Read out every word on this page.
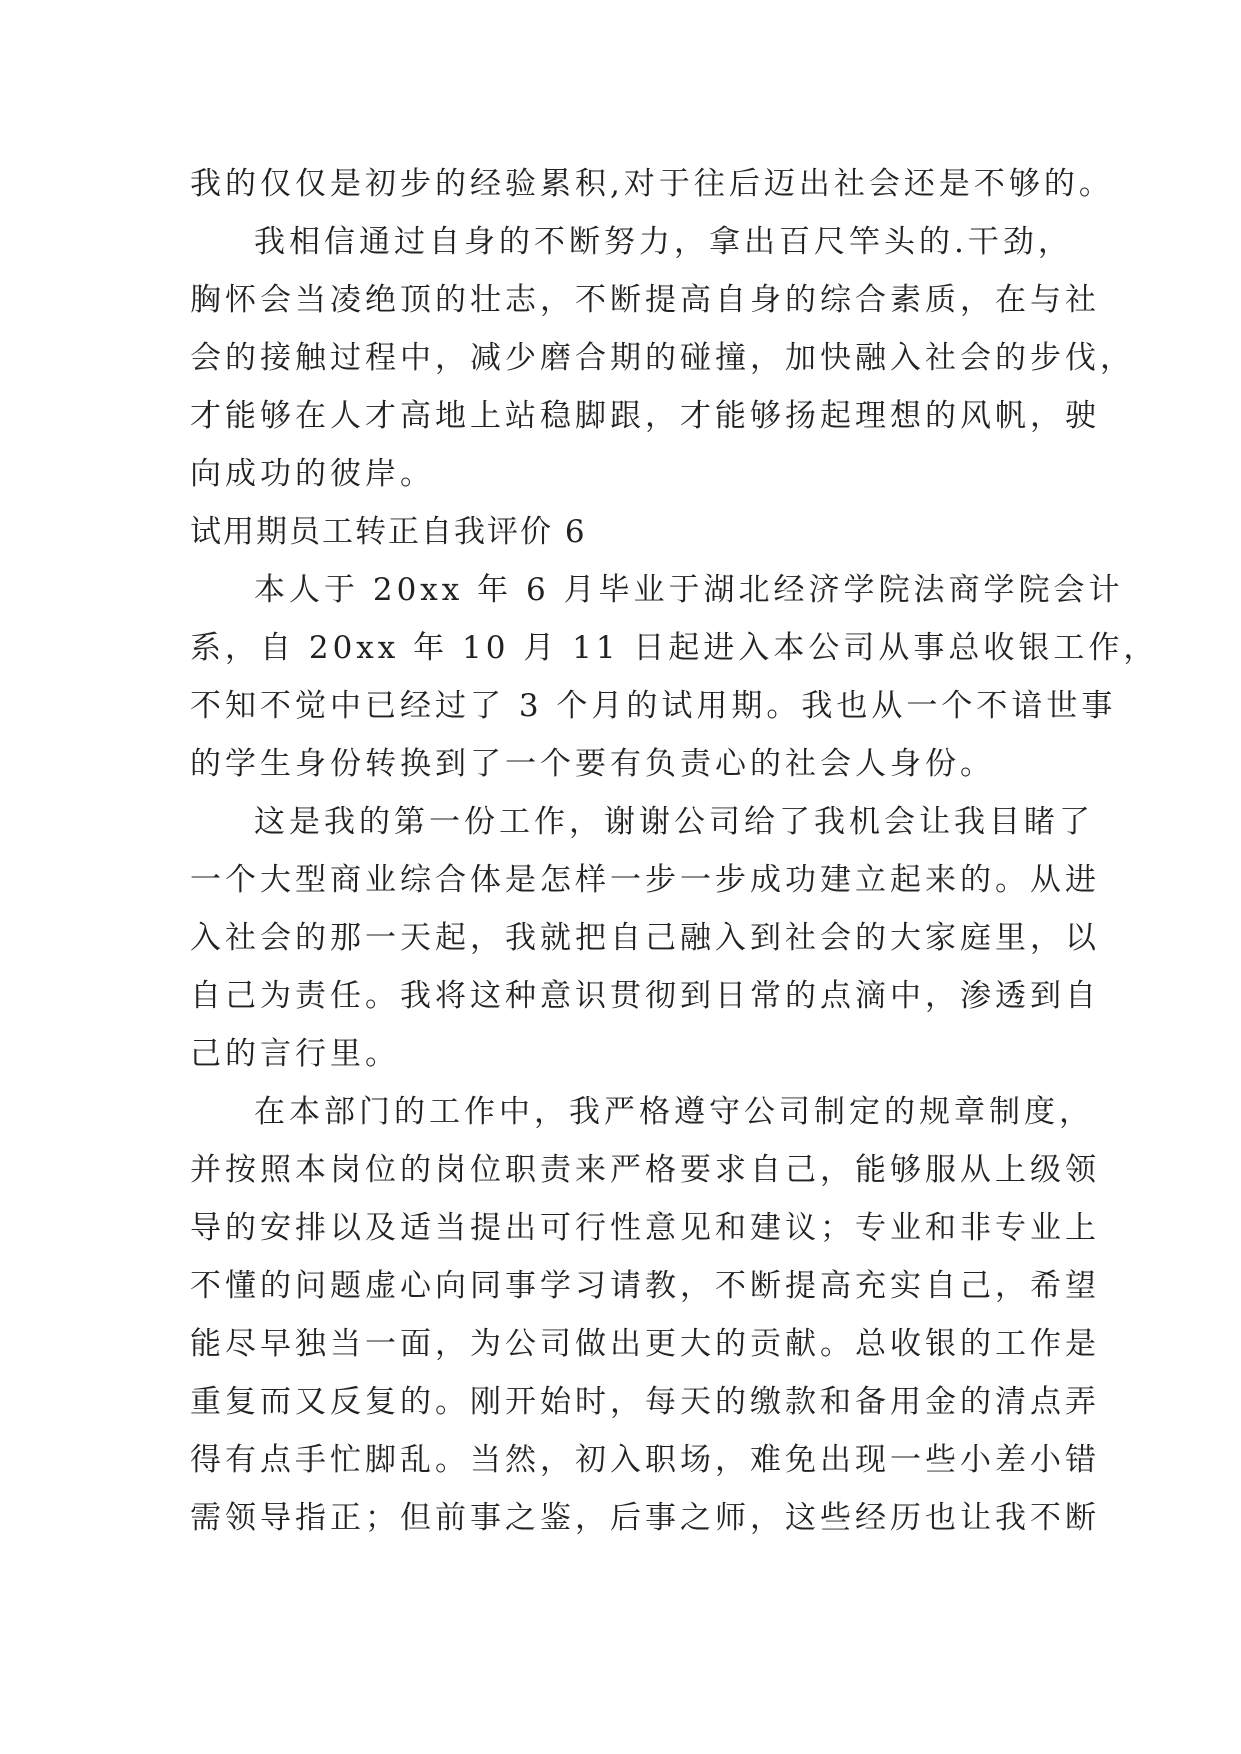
我的仅仅是初步的经验累积,对于往后迈出社会还是不够的。
我相信通过自身的不断努力，拿出百尺竿头的.干劲，
胸怀会当凌绝顶的壮志，不断提高自身的综合素质，在与社
会的接触过程中，减少磨合期的碰撞，加快融入社会的步伐，
才能够在人才高地上站稳脚跟，才能够扬起理想的风帆，驶
向成功的彼岸。
试用期员工转正自我评价 6
本人于 20xx 年 6 月毕业于湖北经济学院法商学院会计
系，自 20xx 年 10 月 11 日起进入本公司从事总收银工作，
不知不觉中已经过了 3 个月的试用期。我也从一个不谙世事
的学生身份转换到了一个要有负责心的社会人身份。
这是我的第一份工作，谢谢公司给了我机会让我目睹了
一个大型商业综合体是怎样一步一步成功建立起来的。从进
入社会的那一天起，我就把自己融入到社会的大家庭里，以
自己为责任。我将这种意识贯彻到日常的点滴中，渗透到自
己的言行里。
在本部门的工作中，我严格遵守公司制定的规章制度，
并按照本岗位的岗位职责来严格要求自己，能够服从上级领
导的安排以及适当提出可行性意见和建议；专业和非专业上
不懂的问题虚心向同事学习请教，不断提高充实自己，希望
能尽早独当一面，为公司做出更大的贡献。总收银的工作是
重复而又反复的。刚开始时，每天的缴款和备用金的清点弄
得有点手忙脚乱。当然，初入职场，难免出现一些小差小错
需领导指正；但前事之鉴，后事之师，这些经历也让我不断
